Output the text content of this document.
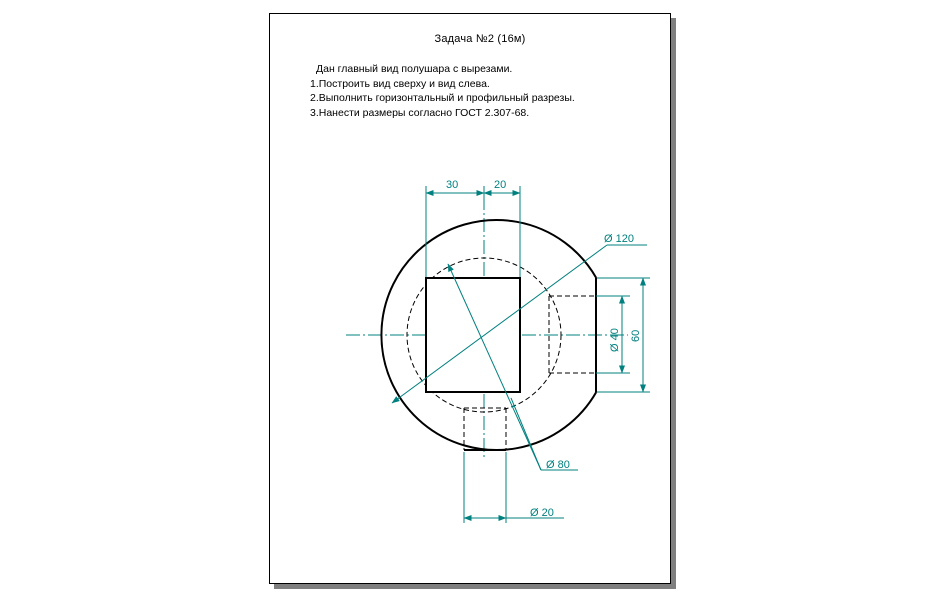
Задача №2 (16м)
Дан главный вид полушара с вырезами.
1.Построить вид сверху и вид слева.
2.Выполнить горизонтальный и профильный разрезы.
3.Нанести размеры согласно ГОСТ 2.307-68.
30	20
Ø 120
Ø 40 60
Ø 80
Ø 20
